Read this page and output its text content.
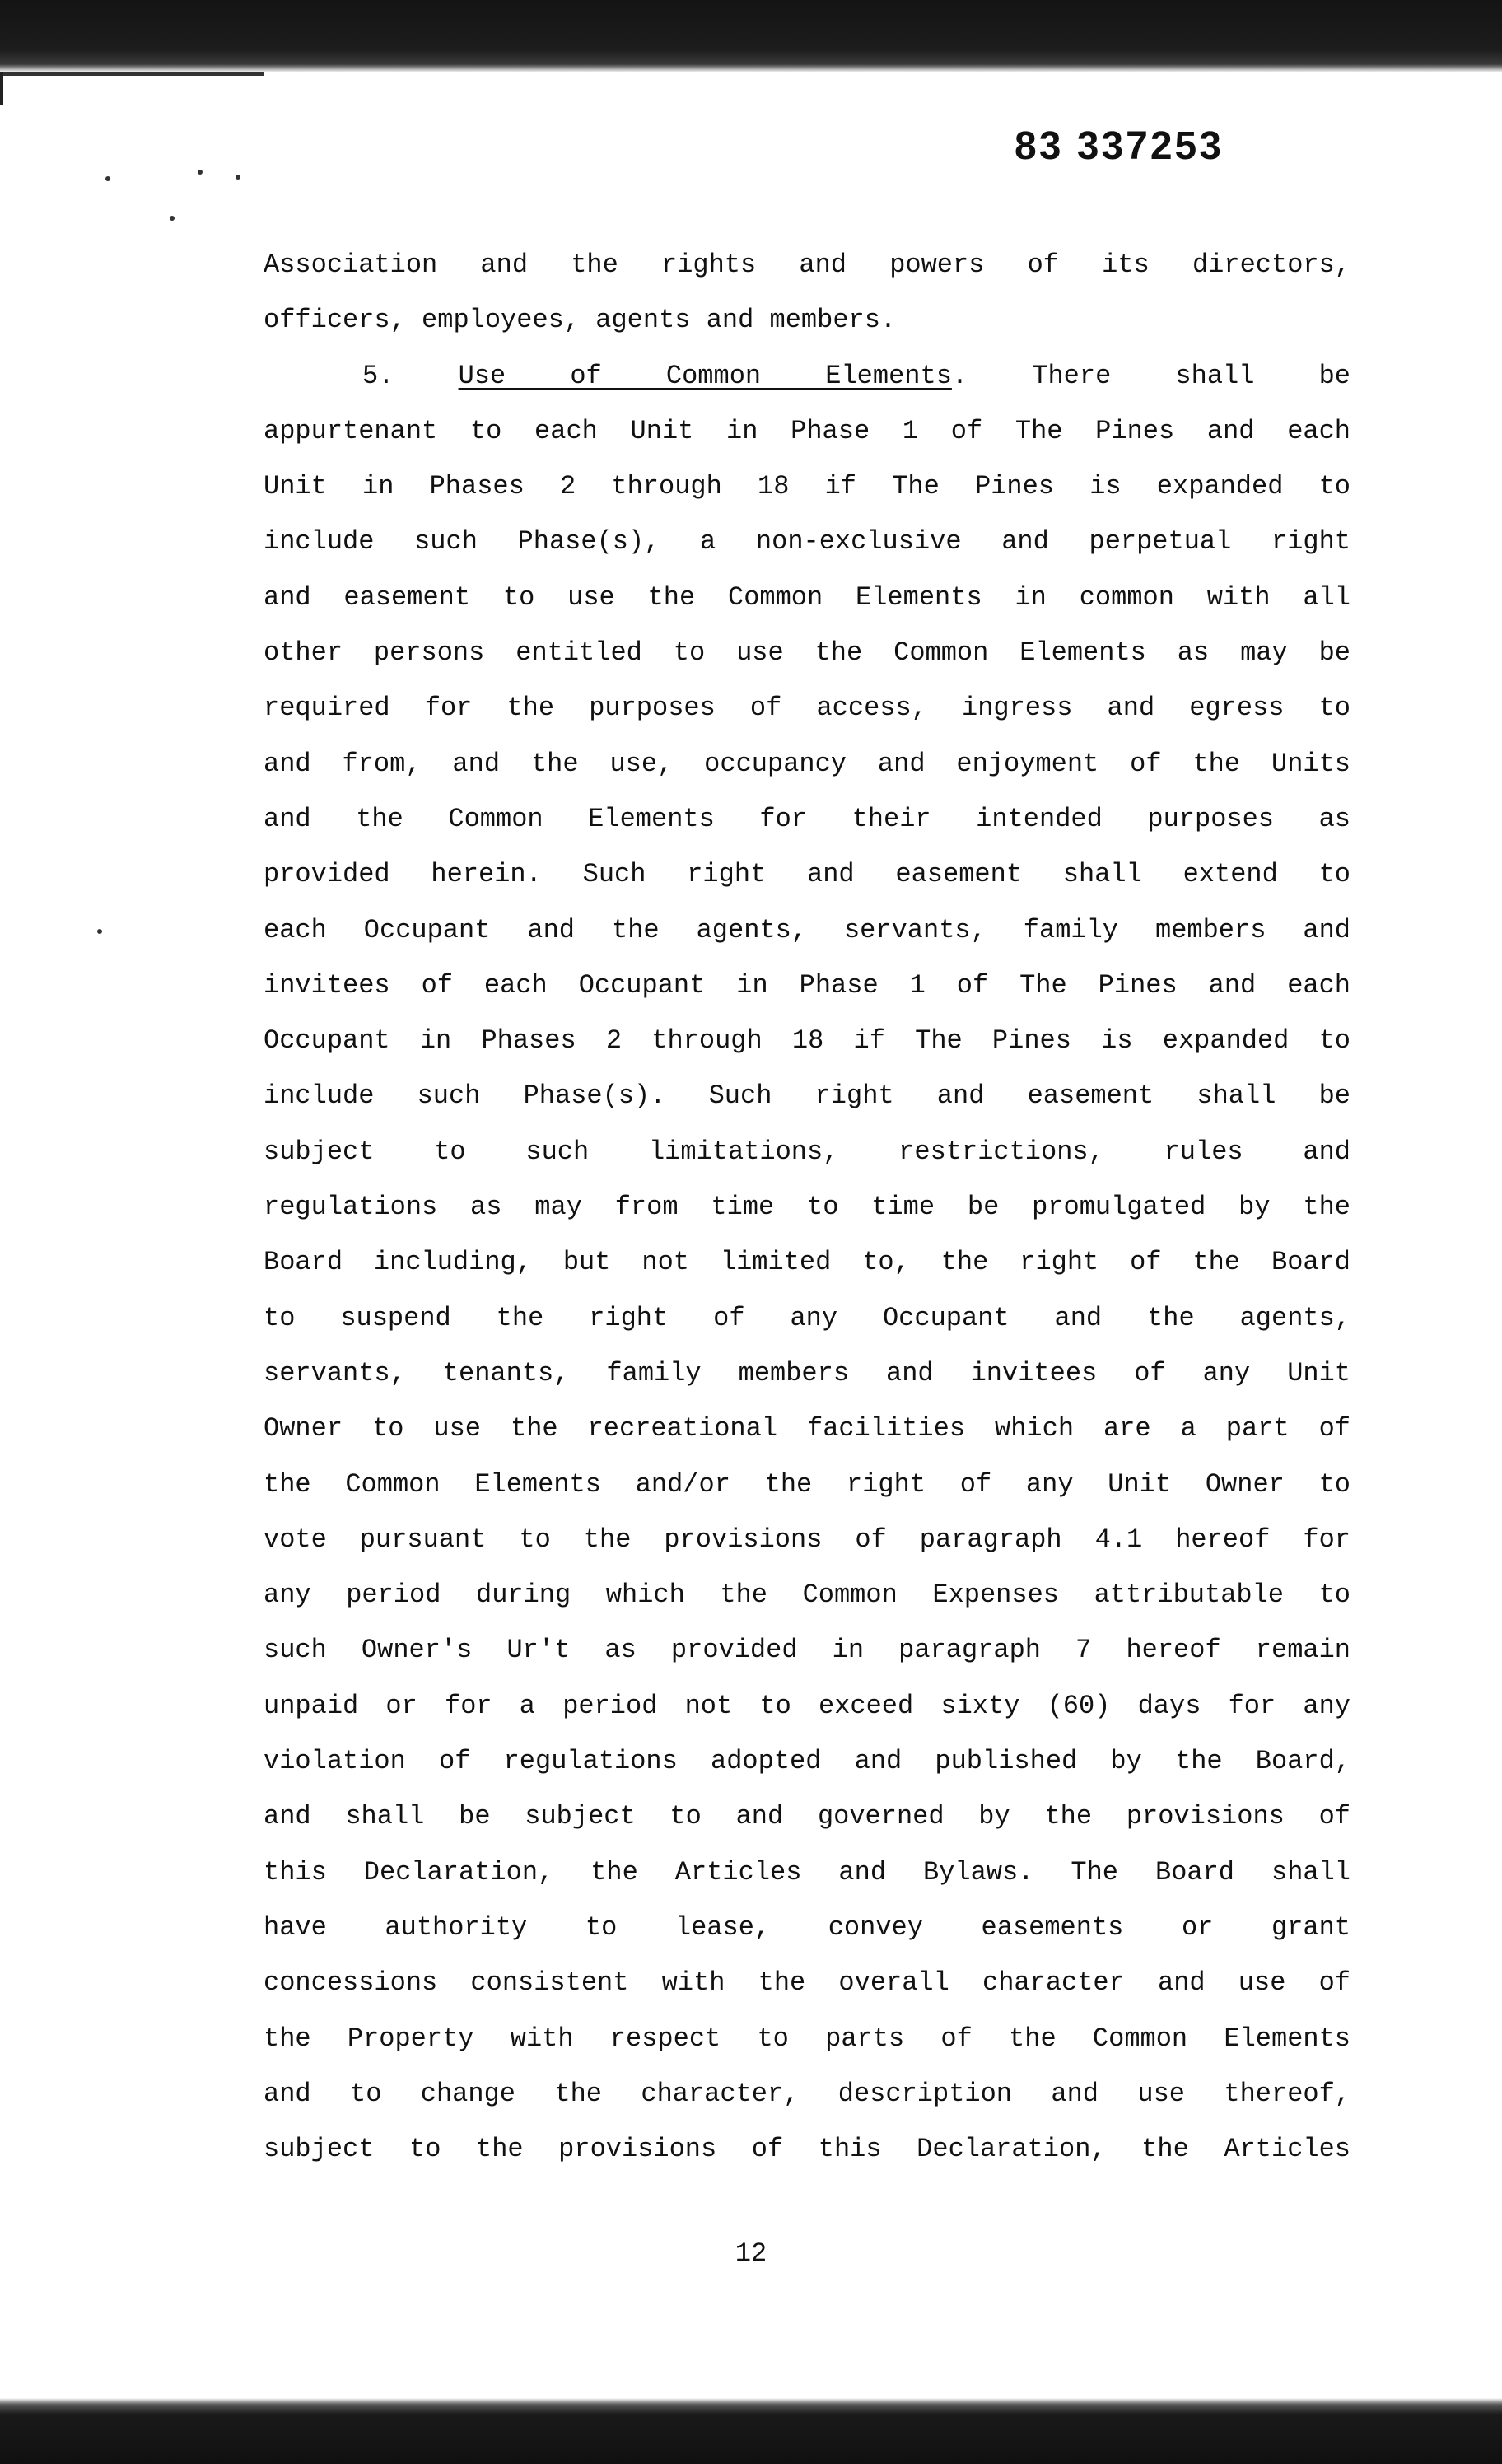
83 337253
Association and the rights and powers of its directors,
officers, employees, agents and members.
5. Use of Common Elements. There shall be
appurtenant to each Unit in Phase 1 of The Pines and each
Unit in Phases 2 through 18 if The Pines is expanded to
include such Phase(s), a non-exclusive and perpetual right
and easement to use the Common Elements in common with all
other persons entitled to use the Common Elements as may be
required for the purposes of access, ingress and egress to
and from, and the use, occupancy and enjoyment of the Units
and the Common Elements for their intended purposes as
provided herein. Such right and easement shall extend to
each Occupant and the agents, servants, family members and
invitees of each Occupant in Phase 1 of The Pines and each
Occupant in Phases 2 through 18 if The Pines is expanded to
include such Phase(s). Such right and easement shall be
subject to such limitations, restrictions, rules and
regulations as may from time to time be promulgated by the
Board including, but not limited to, the right of the Board
to suspend the right of any Occupant and the agents,
servants, tenants, family members and invitees of any Unit
Owner to use the recreational facilities which are a part of
the Common Elements and/or the right of any Unit Owner to
vote pursuant to the provisions of paragraph 4.1 hereof for
any period during which the Common Expenses attributable to
such Owner's Ur't as provided in paragraph 7 hereof remain
unpaid or for a period not to exceed sixty (60) days for any
violation of regulations adopted and published by the Board,
and shall be subject to and governed by the provisions of
this Declaration, the Articles and Bylaws. The Board shall
have authority to lease, convey easements or grant
concessions consistent with the overall character and use of
the Property with respect to parts of the Common Elements
and to change the character, description and use thereof,
subject to the provisions of this Declaration, the Articles
12
